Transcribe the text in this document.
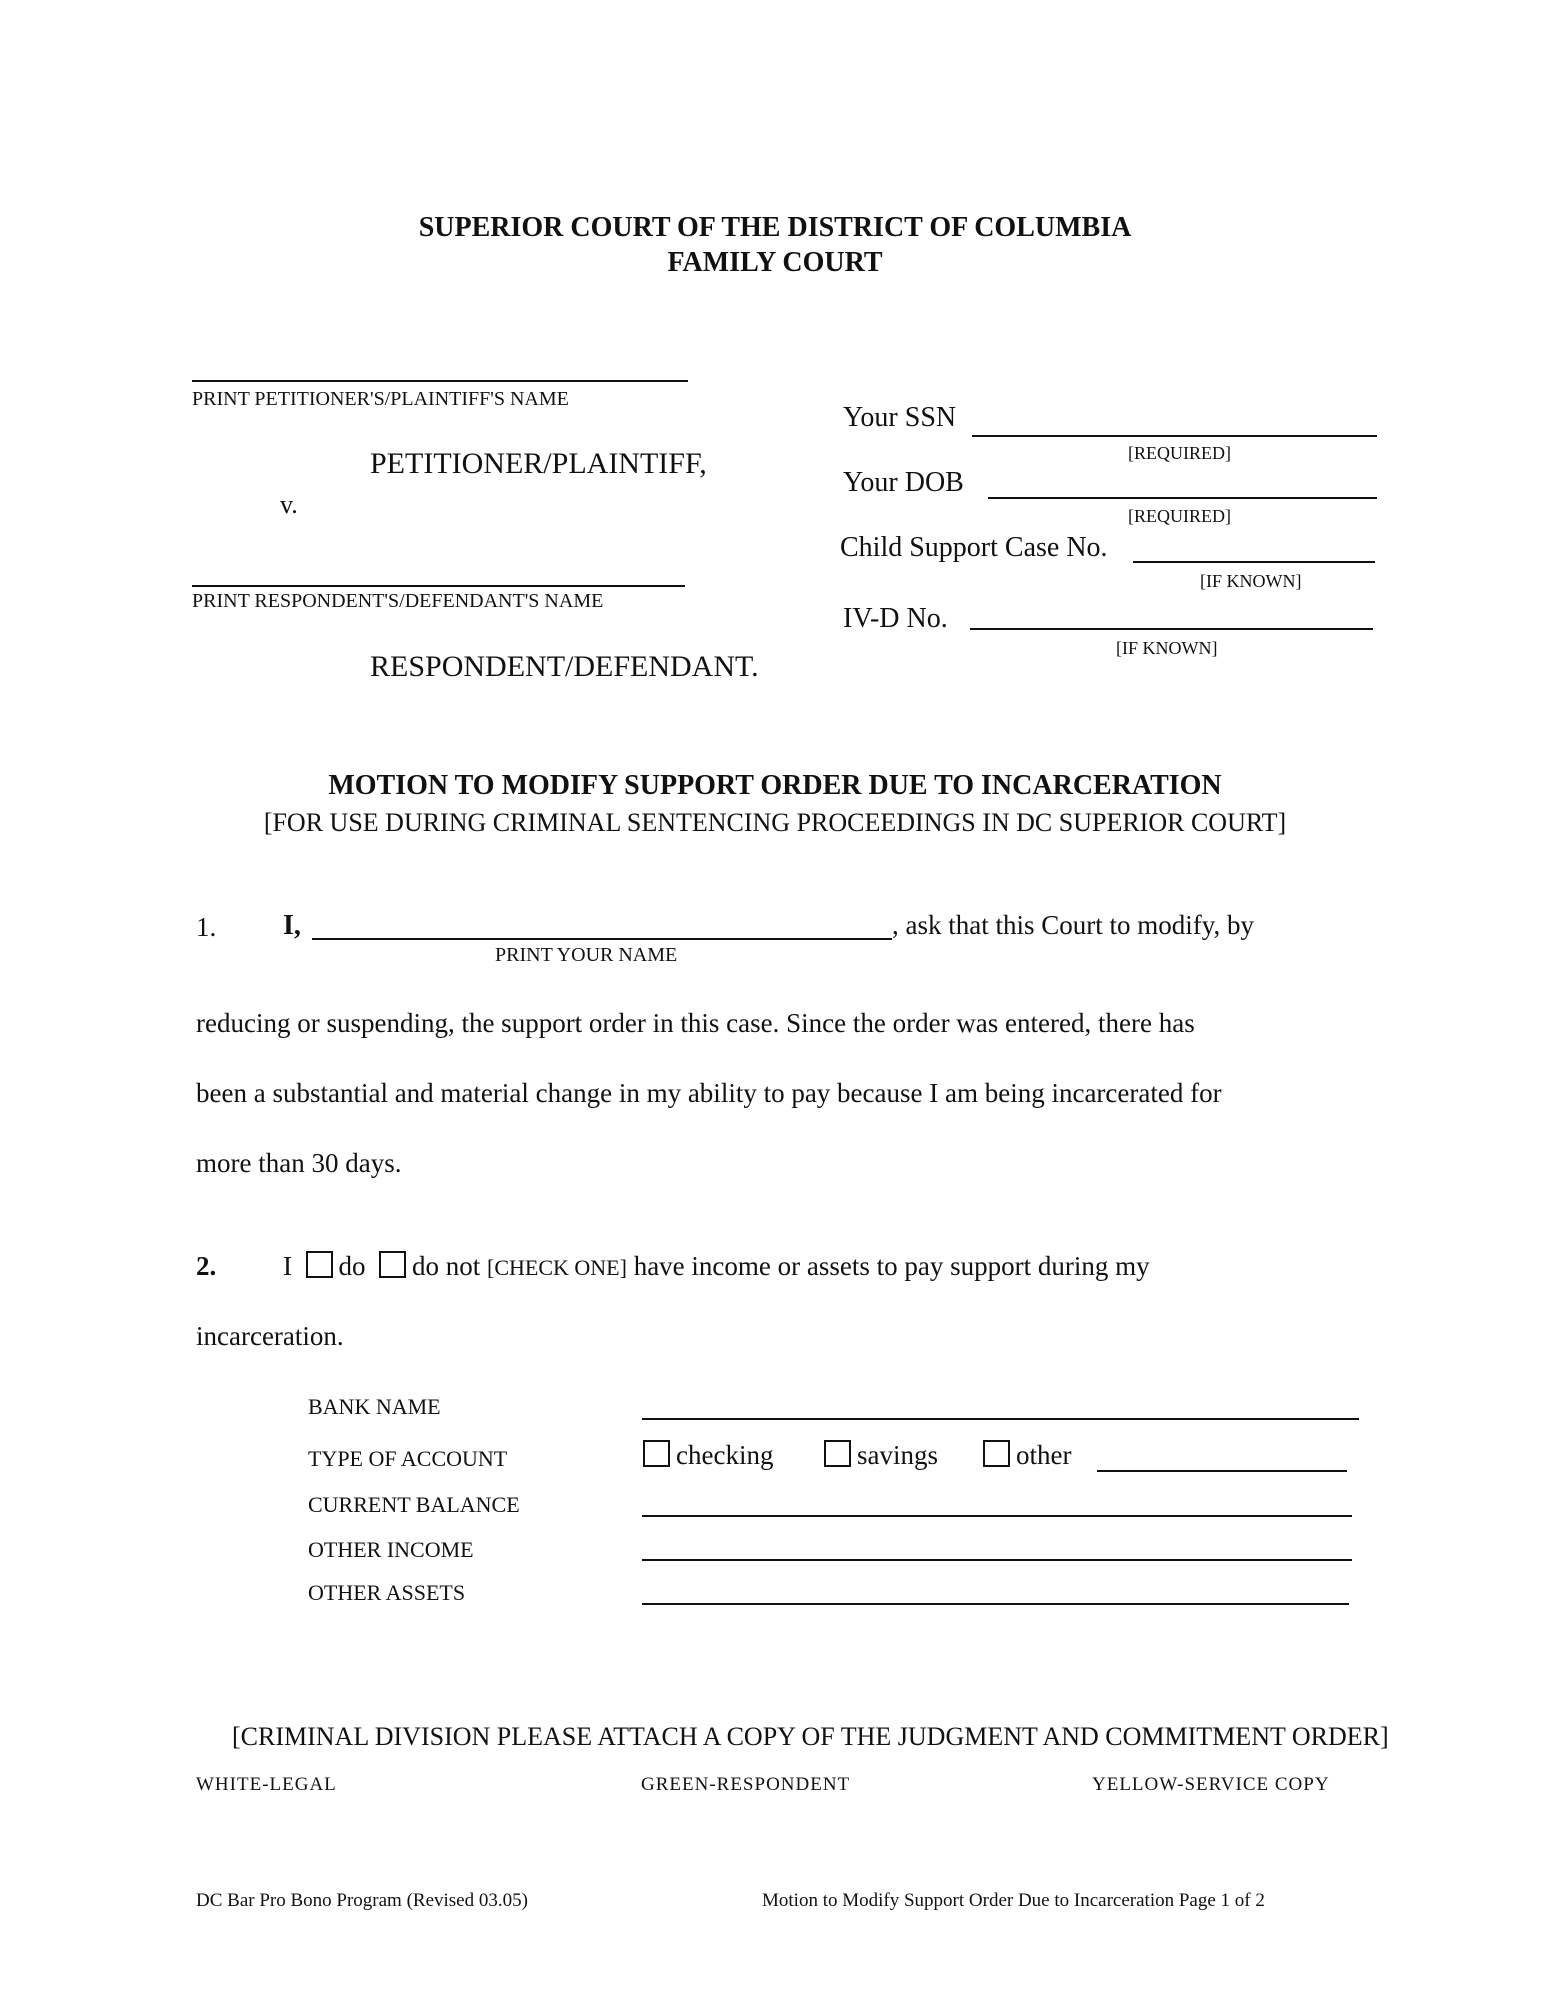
SUPERIOR COURT OF THE DISTRICT OF COLUMBIA
FAMILY COURT
PRINT PETITIONER'S/PLAINTIFF'S NAME
PETITIONER/PLAINTIFF,
v.
PRINT RESPONDENT'S/DEFENDANT'S NAME
RESPONDENT/DEFENDANT.
Your SSN
[REQUIRED]
Your DOB
[REQUIRED]
Child Support Case No.
[IF KNOWN]
IV-D No.
[IF KNOWN]
MOTION TO MODIFY SUPPORT ORDER DUE TO INCARCERATION
[FOR USE DURING CRIMINAL SENTENCING PROCEEDINGS IN DC SUPERIOR COURT]
1. I,	, ask that this Court to modify, by
PRINT YOUR NAME
reducing or suspending, the support order in this case. Since the order was entered, there has
been a substantial and material change in my ability to pay because I am being incarcerated for
more than 30 days.
2. I do do not [CHECK ONE] have income or assets to pay support during my
incarceration.
BANK NAME
TYPE OF ACCOUNT	checking	savings	other
CURRENT BALANCE
OTHER INCOME
OTHER ASSETS
[CRIMINAL DIVISION PLEASE ATTACH A COPY OF THE JUDGMENT AND COMMITMENT ORDER]
WHITE-LEGAL	GREEN-RESPONDENT	YELLOW-SERVICE COPY
DC Bar Pro Bono Program (Revised 03.05)	Motion to Modify Support Order Due to Incarceration Page 1 of 2
